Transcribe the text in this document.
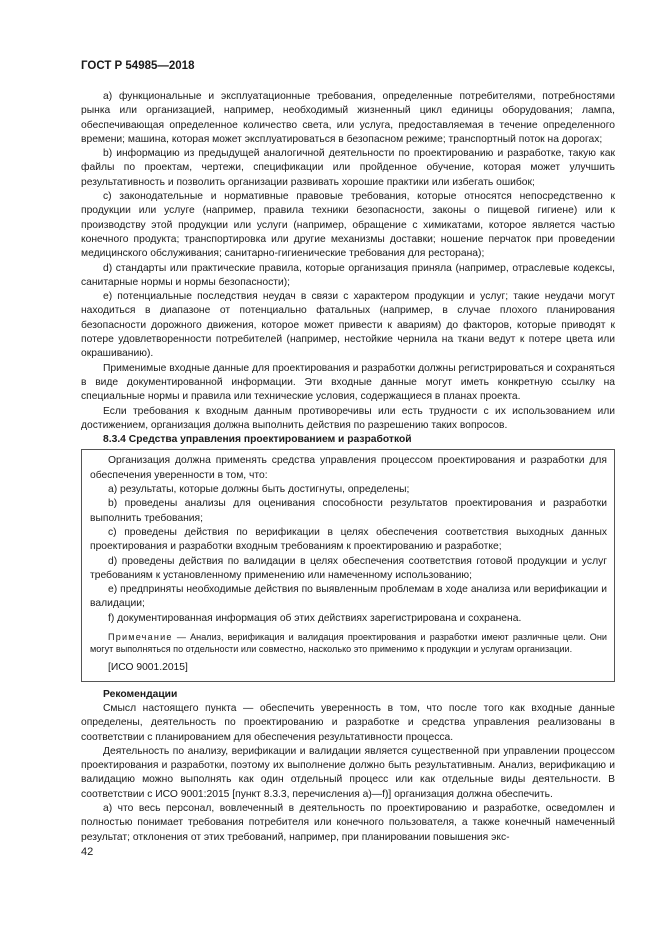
ГОСТ Р 54985—2018

а) функциональные и эксплуатационные требования, определенные потребителями, потребностями рынка или организацией, например, необходимый жизненный цикл единицы оборудования; лампа, обеспечивающая определенное количество света, или услуга, предоставляемая в течение определенного времени; машина, которая может эксплуатироваться в безопасном режиме; транспортный поток на дорогах;

b) информацию из предыдущей аналогичной деятельности по проектированию и разработке, такую как файлы по проектам, чертежи, спецификации или пройденное обучение, которая может улучшить результативность и позволить организации развивать хорошие практики или избегать ошибок;

c) законодательные и нормативные правовые требования, которые относятся непосредственно к продукции или услуге (например, правила техники безопасности, законы о пищевой гигиене) или к производству этой продукции или услуги (например, обращение с химикатами, которое является частью конечного продукта; транспортировка или другие механизмы доставки; ношение перчаток при проведении медицинского обслуживания; санитарно-гигиенические требования для ресторана);

d) стандарты или практические правила, которые организация приняла (например, отраслевые кодексы, санитарные нормы и нормы безопасности);

e) потенциальные последствия неудач в связи с характером продукции и услуг; такие неудачи могут находиться в диапазоне от потенциально фатальных (например, в случае плохого планирования безопасности дорожного движения, которое может привести к авариям) до факторов, которые приводят к потере удовлетворенности потребителей (например, нестойкие чернила на ткани ведут к потере цвета или окрашиванию).

Применимые входные данные для проектирования и разработки должны регистрироваться и сохраняться в виде документированной информации. Эти входные данные могут иметь конкретную ссылку на специальные нормы и правила или технические условия, содержащиеся в планах проекта.

Если требования к входным данным противоречивы или есть трудности с их использованием или достижением, организация должна выполнить действия по разрешению таких вопросов.

8.3.4 Средства управления проектированием и разработкой

Организация должна применять средства управления процессом проектирования и разработки для обеспечения уверенности в том, что:

a) результаты, которые должны быть достигнуты, определены;

b) проведены анализы для оценивания способности результатов проектирования и разработки выполнить требования;

c) проведены действия по верификации в целях обеспечения соответствия выходных данных проектирования и разработки входным требованиям к проектированию и разработке;

d) проведены действия по валидации в целях обеспечения соответствия готовой продукции и услуг требованиям к установленному применению или намеченному использованию;

e) предприняты необходимые действия по выявленным проблемам в ходе анализа или верификации и валидации;

f) документированная информация об этих действиях зарегистрирована и сохранена.

Примечание — Анализ, верификация и валидация проектирования и разработки имеют различные цели. Они могут выполняться по отдельности или совместно, насколько это применимо к продукции и услугам организации.

[ИСО 9001.2015]

Рекомендации

Смысл настоящего пункта — обеспечить уверенность в том, что после того как входные данные определены, деятельность по проектированию и разработке и средства управления реализованы в соответствии с планированием для обеспечения результативности процесса.

Деятельность по анализу, верификации и валидации является существенной при управлении процессом проектирования и разработки, поэтому их выполнение должно быть результативным. Анализ, верификацию и валидацию можно выполнять как один отдельный процесс или как отдельные виды деятельности. В соответствии с ИСО 9001:2015 [пункт 8.3.3, перечисления а)—f)] организация должна обеспечить.

а) что весь персонал, вовлеченный в деятельность по проектированию и разработке, осведомлен и полностью понимает требования потребителя или конечного пользователя, а также конечный намеченный результат; отклонения от этих требований, например, при планировании повышения экс-

42
